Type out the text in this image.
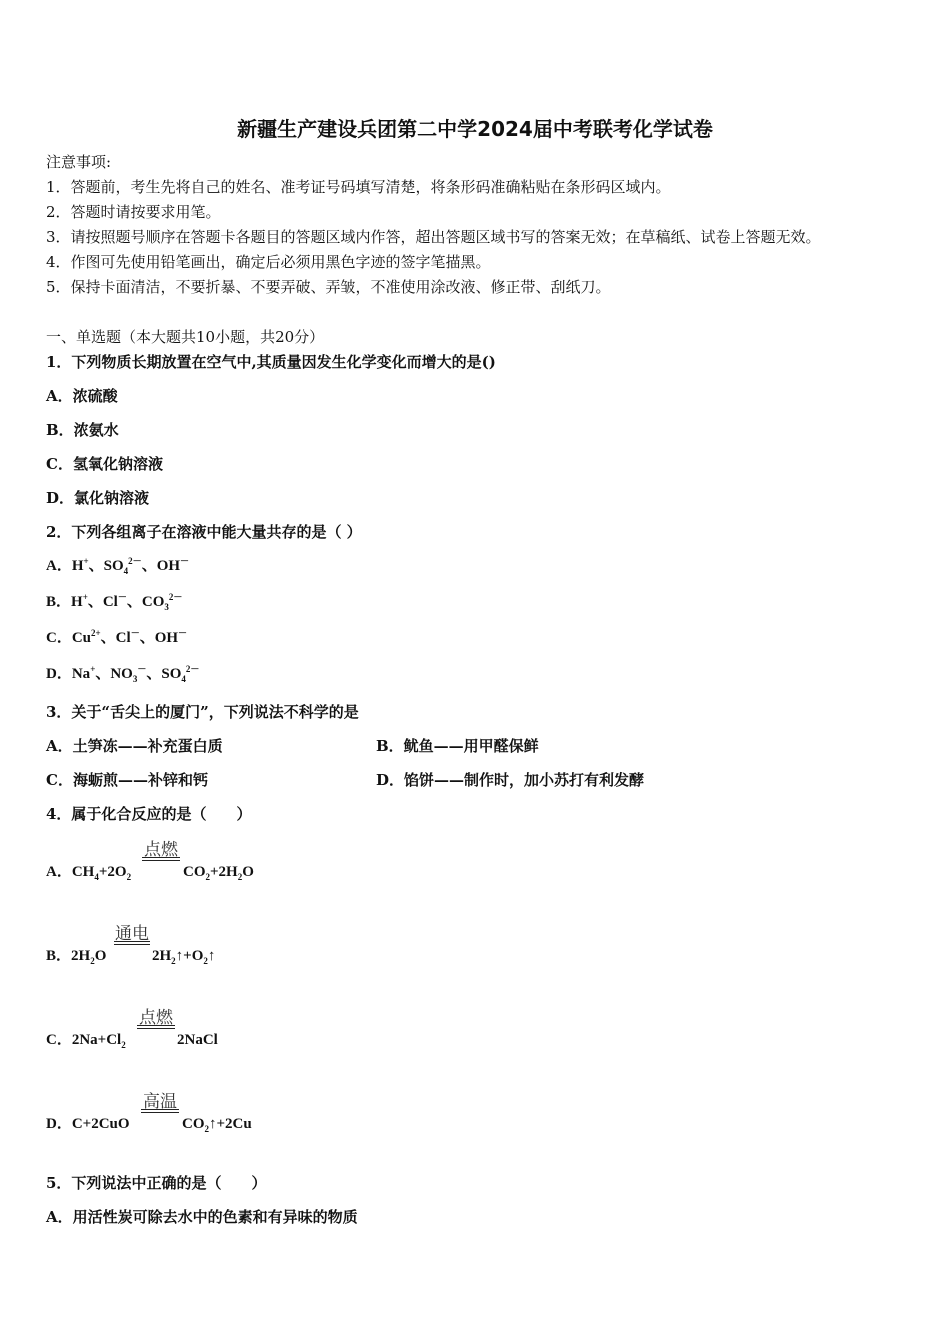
新疆生产建设兵团第二中学2024届中考联考化学试卷
注意事项:
1．答题前，考生先将自己的姓名、准考证号码填写清楚，将条形码准确粘贴在条形码区域内。
2．答题时请按要求用笔。
3．请按照题号顺序在答题卡各题目的答题区域内作答，超出答题区域书写的答案无效；在草稿纸、试卷上答题无效。
4．作图可先使用铅笔画出，确定后必须用黑色字迹的签字笔描黑。
5．保持卡面清洁，不要折暴、不要弄破、弄皱，不准使用涂改液、修正带、刮纸刀。
一、单选题（本大题共10小题，共20分）
1．下列物质长期放置在空气中,其质量因发生化学变化而增大的是()
A．浓硫酸
B．浓氨水
C．氢氧化钠溶液
D．氯化钠溶液
2．下列各组离子在溶液中能大量共存的是（ ）
A．H+、$SO_4^{2-}$、OH－
B．H+、Cl－、$CO_3^{2-}$
C．$Cu^{2+}$、Cl－、OH－
D．Na+、$NO_3^-$、$SO_4^{2-}$
3．关于“舌尖上的厦门”，下列说法不科学的是
A．土笋冻——补充蛋白质	B．鱿鱼——用甲醛保鲜
C．海蛎煎——补锌和钙	D．馅饼——制作时，加小苏打有利发酵
4．属于化合反应的是（　　）
A．$CH_4+2O_2$
点燃
$CO_2+2H_2O$
B．$2H_2O$
通电
$2H_2↑+O_2↑$
C．$2Na+Cl_2$
点燃
2NaCl
D．C+2CuO
高温
$CO_2↑+2Cu$
5．下列说法中正确的是（　　）
A．用活性炭可除去水中的色素和有异味的物质
